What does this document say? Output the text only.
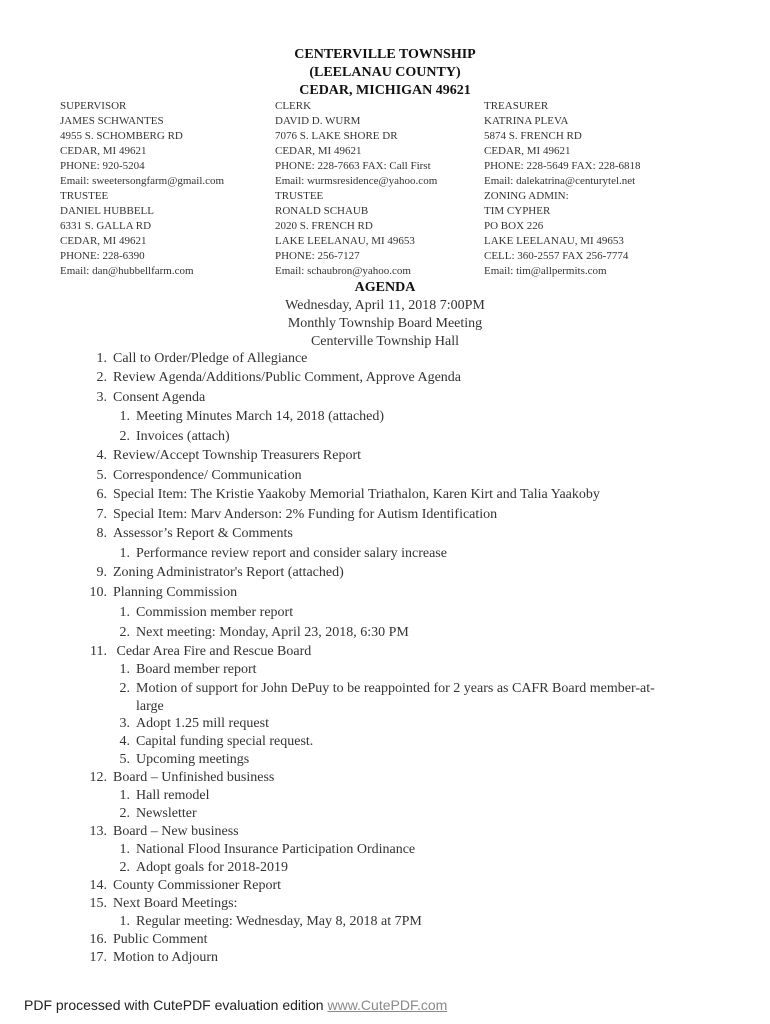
CENTERVILLE TOWNSHIP
(LEELANAU COUNTY)
CEDAR, MICHIGAN 49621
SUPERVISOR
JAMES SCHWANTES
4955 S. SCHOMBERG RD
CEDAR, MI 49621
PHONE: 920-5204
Email: sweetersongfarm@gmail.com
TRUSTEE
DANIEL HUBBELL
6331 S. GALLA RD
CEDAR, MI 49621
PHONE: 228-6390
Email: dan@hubbellfarm.com
CLERK
DAVID D. WURM
7076 S. LAKE SHORE DR
CEDAR, MI 49621
PHONE: 228-7663 FAX: Call First
Email: wurmsresidence@yahoo.com
TRUSTEE
RONALD SCHAUB
2020 S. FRENCH RD
LAKE LEELANAU, MI 49653
PHONE: 256-7127
Email: schaubron@yahoo.com
TREASURER
KATRINA PLEVA
5874 S. FRENCH RD
CEDAR, MI 49621
PHONE: 228-5649 FAX: 228-6818
Email: dalekatrina@centurytel.net
ZONING ADMIN:
TIM CYPHER
PO BOX 226
LAKE LEELANAU, MI 49653
CELL: 360-2557 FAX 256-7774
Email: tim@allpermits.com
AGENDA
Wednesday, April 11, 2018 7:00PM
Monthly Township Board Meeting
Centerville Township Hall
1. Call to Order/Pledge of Allegiance
2. Review Agenda/Additions/Public Comment, Approve Agenda
3. Consent Agenda
1. Meeting Minutes March 14, 2018 (attached)
2. Invoices (attach)
4. Review/Accept Township Treasurers Report
5. Correspondence/ Communication
6. Special Item: The Kristie Yaakoby Memorial Triathalon, Karen Kirt and Talia Yaakoby
7. Special Item: Marv Anderson: 2% Funding for Autism Identification
8. Assessor’s Report & Comments
1. Performance review report and consider salary increase
9. Zoning Administrator's Report (attached)
10. Planning Commission
1. Commission member report
2. Next meeting: Monday, April 23, 2018, 6:30 PM
11. Cedar Area Fire and Rescue Board
1. Board member report
2. Motion of support for John DePuy to be reappointed for 2 years as CAFR Board member-at-
large
3. Adopt 1.25 mill request
4. Capital funding special request.
5. Upcoming meetings
12. Board – Unfinished business
1. Hall remodel
2. Newsletter
13. Board – New business
1. National Flood Insurance Participation Ordinance
2. Adopt goals for 2018-2019
14. County Commissioner Report
15. Next Board Meetings:
1. Regular meeting: Wednesday, May 8, 2018 at 7PM
16. Public Comment
17. Motion to Adjourn
PDF processed with CutePDF evaluation edition www.CutePDF.com
